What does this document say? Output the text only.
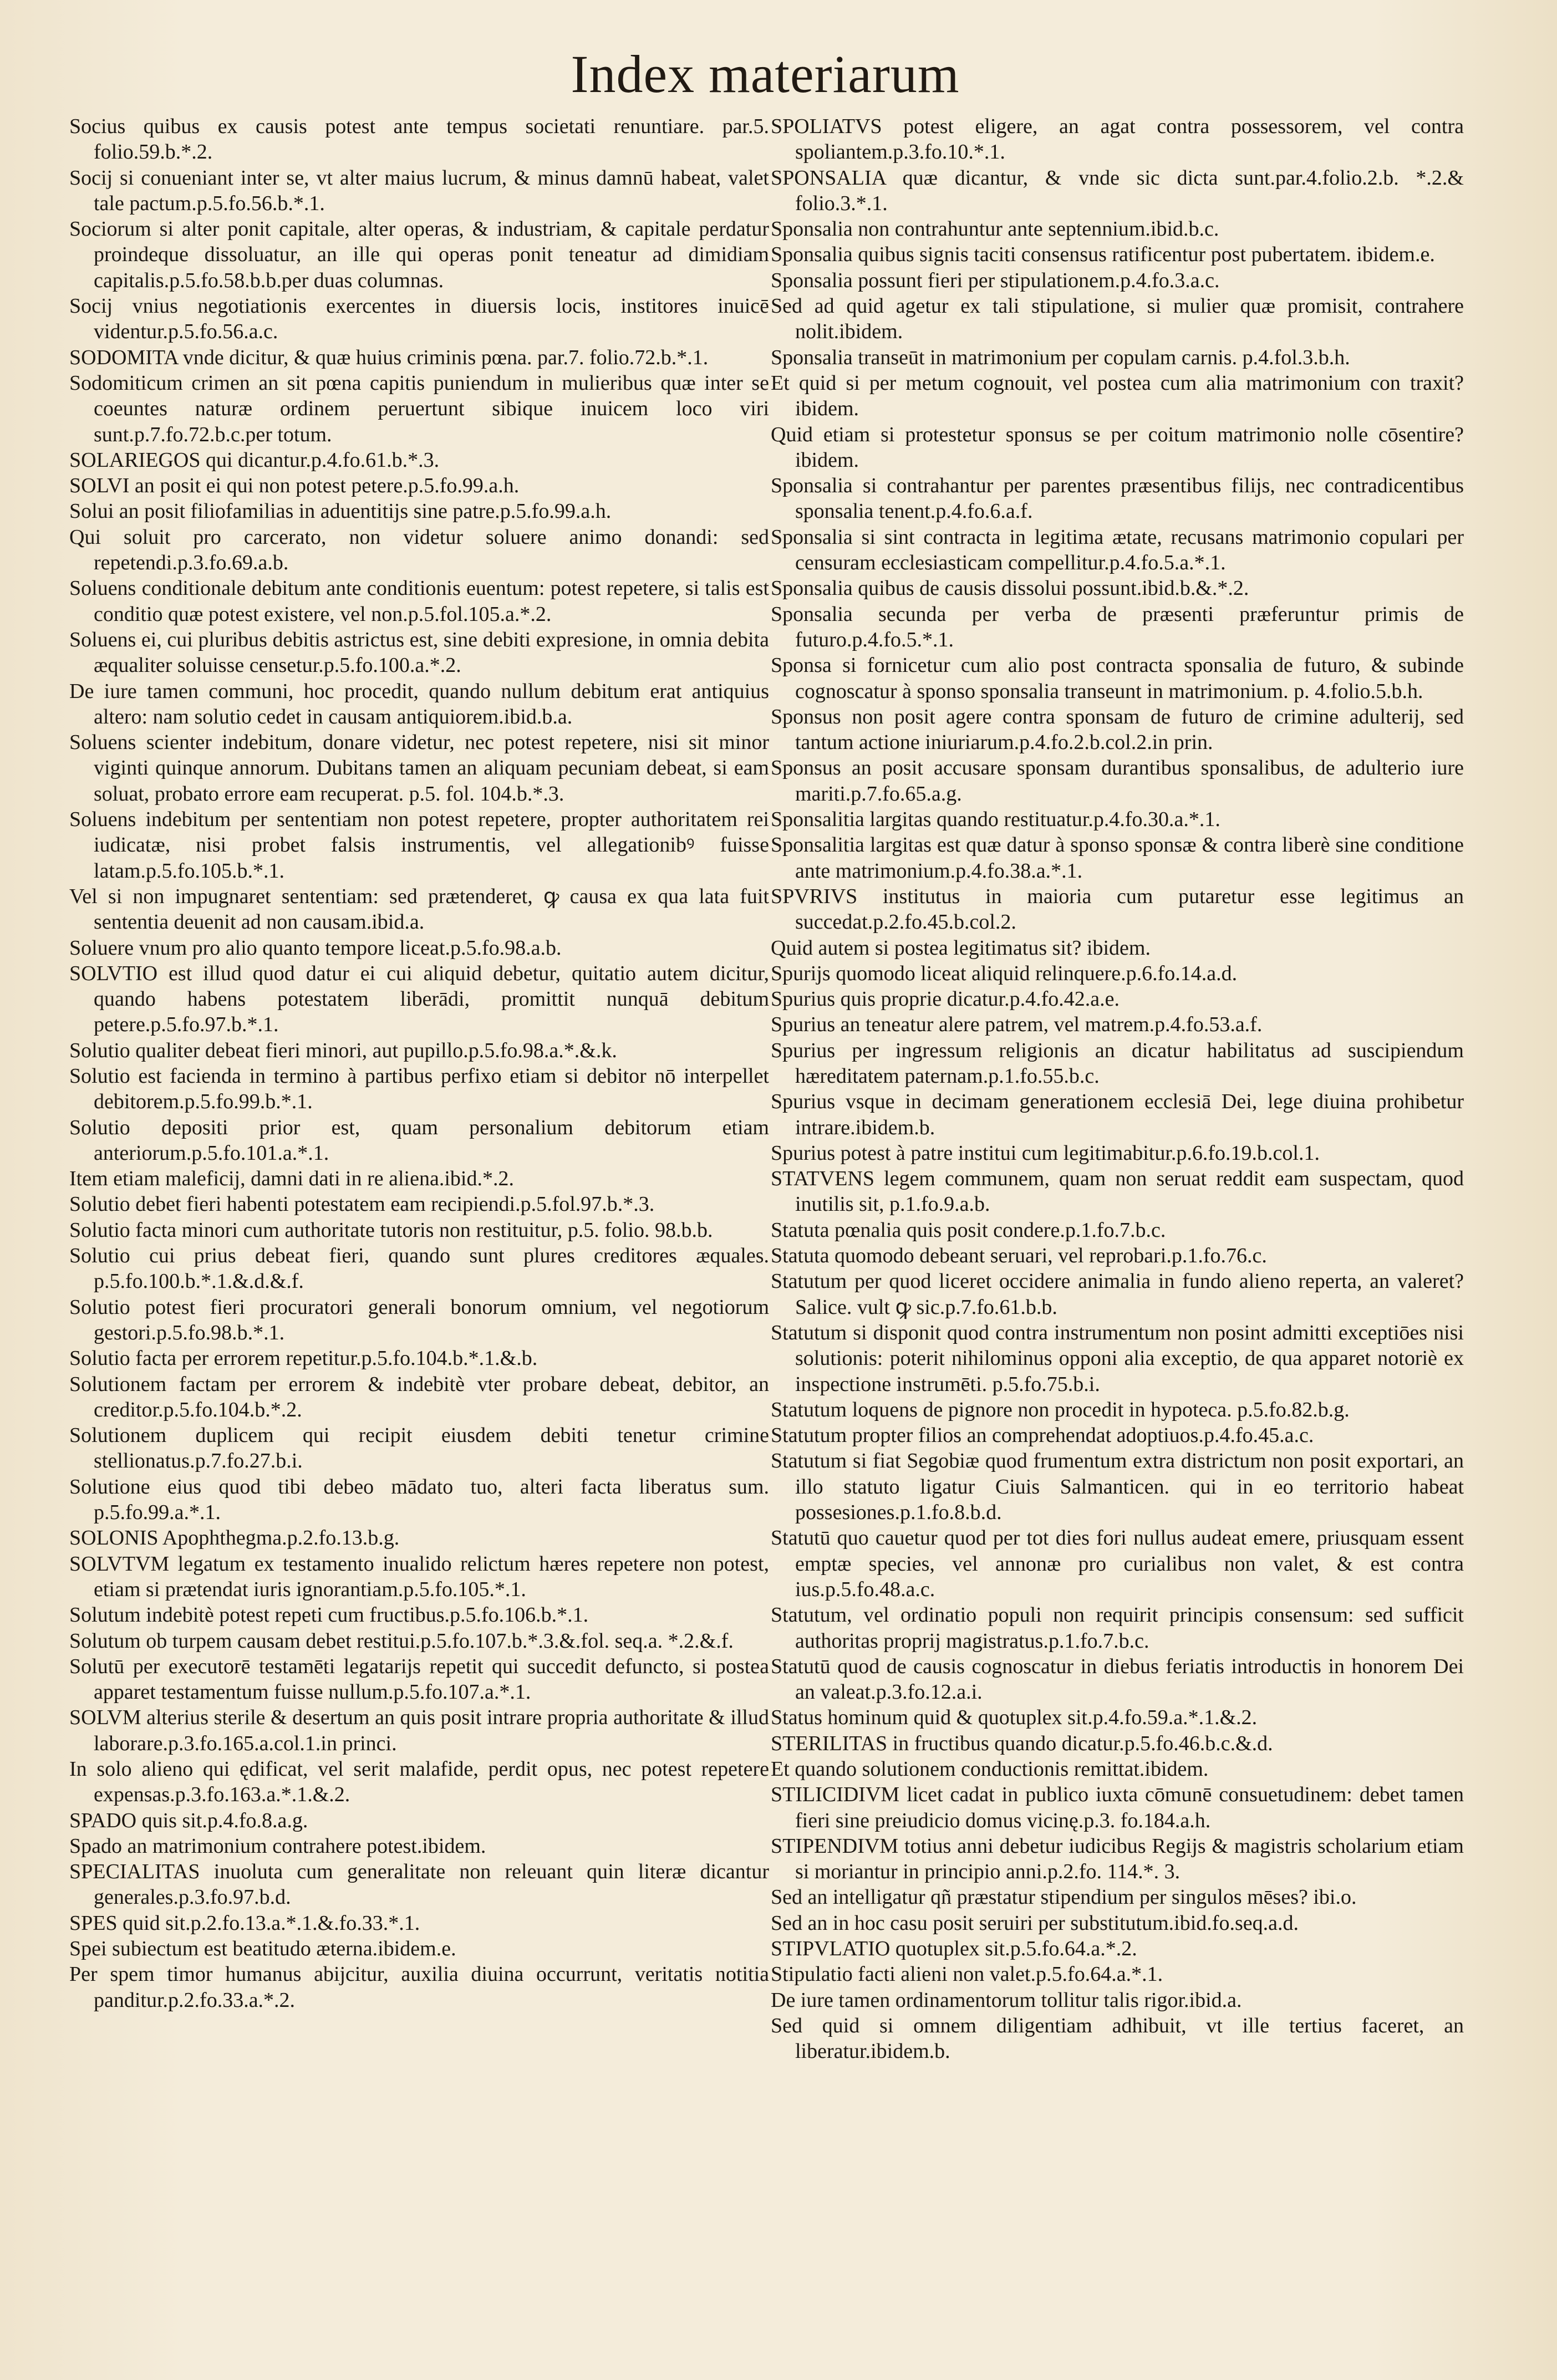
Index materiarum
Socius quibus ex causis potest ante tempus societati renuntiare. par.5. folio.59.b.*.2.
Socij si conueniant inter se, vt alter maius lucrum, & minus damnū habeat, valet tale pactum.p.5.fo.56.b.*.1.
Sociorum si alter ponit capitale, alter operas, & industriam, & capitale perdatur proindeque dissoluatur, an ille qui operas ponit teneatur ad dimidiam capitalis.p.5.fo.58.b.b.per duas columnas.
Socij vnius negotiationis exercentes in diuersis locis, institores inuicē videntur.p.5.fo.56.a.c.
SODOMITA vnde dicitur, & quæ huius criminis pœna. par.7. folio.72.b.*.1.
Sodomiticum crimen an sit pœna capitis puniendum in mulieribus quæ inter se coeuntes naturæ ordinem peruertunt sibique inuicem loco viri sunt.p.7.fo.72.b.c.per totum.
SOLARIEGOS qui dicantur.p.4.fo.61.b.*.3.
SOLVI an posit ei qui non potest petere.p.5.fo.99.a.h.
Solui an posit filiofamilias in aduentitijs sine patre.p.5.fo.99.a.h.
Qui soluit pro carcerato, non videtur soluere animo donandi: sed repetendi.p.3.fo.69.a.b.
Soluens conditionale debitum ante conditionis euentum: potest repetere, si talis est conditio quæ potest existere, vel non.p.5.fol.105.a.*.2.
Soluens ei, cui pluribus debitis astrictus est, sine debiti expresione, in omnia debita æqualiter soluisse censetur.p.5.fo.100.a.*.2.
De iure tamen communi, hoc procedit, quando nullum debitum erat antiquius altero: nam solutio cedet in causam antiquiorem.ibid.b.a.
Soluens scienter indebitum, donare videtur, nec potest repetere, nisi sit minor viginti quinque annorum. Dubitans tamen an aliquam pecuniam debeat, si eam soluat, probato errore eam recuperat. p.5. fol. 104.b.*.3.
Soluens indebitum per sententiam non potest repetere, propter authoritatem rei iudicatæ, nisi probet falsis instrumentis, vel allegationibꝰ fuisse latam.p.5.fo.105.b.*.1.
Vel si non impugnaret sententiam: sed prætenderet, ꝙ causa ex qua lata fuit sententia deuenit ad non causam.ibid.a.
Soluere vnum pro alio quanto tempore liceat.p.5.fo.98.a.b.
SOLVTIO est illud quod datur ei cui aliquid debetur, quitatio autem dicitur, quando habens potestatem liberādi, promittit nunquā debitum petere.p.5.fo.97.b.*.1.
Solutio qualiter debeat fieri minori, aut pupillo.p.5.fo.98.a.*.&.k.
Solutio est facienda in termino à partibus perfixo etiam si debitor nō interpellet debitorem.p.5.fo.99.b.*.1.
Solutio depositi prior est, quam personalium debitorum etiam anteriorum.p.5.fo.101.a.*.1.
Item etiam maleficij, damni dati in re aliena.ibid.*.2.
Solutio debet fieri habenti potestatem eam recipiendi.p.5.fol.97.b.*.3.
Solutio facta minori cum authoritate tutoris non restituitur, p.5. folio. 98.b.b.
Solutio cui prius debeat fieri, quando sunt plures creditores æquales. p.5.fo.100.b.*.1.&.d.&.f.
Solutio potest fieri procuratori generali bonorum omnium, vel negotiorum gestori.p.5.fo.98.b.*.1.
Solutio facta per errorem repetitur.p.5.fo.104.b.*.1.&.b.
Solutionem factam per errorem & indebitè vter probare debeat, debitor, an creditor.p.5.fo.104.b.*.2.
Solutionem duplicem qui recipit eiusdem debiti tenetur crimine stellionatus.p.7.fo.27.b.i.
Solutione eius quod tibi debeo mādato tuo, alteri facta liberatus sum. p.5.fo.99.a.*.1.
SOLONIS Apophthegma.p.2.fo.13.b.g.
SOLVTVM legatum ex testamento inualido relictum hæres repetere non potest, etiam si prætendat iuris ignorantiam.p.5.fo.105.*.1.
Solutum indebitè potest repeti cum fructibus.p.5.fo.106.b.*.1.
Solutum ob turpem causam debet restitui.p.5.fo.107.b.*.3.&.fol. seq.a. *.2.&.f.
Solutū per executorē testamēti legatarijs repetit qui succedit defuncto, si postea apparet testamentum fuisse nullum.p.5.fo.107.a.*.1.
SOLVM alterius sterile & desertum an quis posit intrare propria authoritate & illud laborare.p.3.fo.165.a.col.1.in princi.
In solo alieno qui ędificat, vel serit malafide, perdit opus, nec potest repetere expensas.p.3.fo.163.a.*.1.&.2.
SPADO quis sit.p.4.fo.8.a.g.
Spado an matrimonium contrahere potest.ibidem.
SPECIALITAS inuoluta cum generalitate non releuant quin literæ dicantur generales.p.3.fo.97.b.d.
SPES quid sit.p.2.fo.13.a.*.1.&.fo.33.*.1.
Spei subiectum est beatitudo æterna.ibidem.e.
Per spem timor humanus abijcitur, auxilia diuina occurrunt, veritatis notitia panditur.p.2.fo.33.a.*.2.
SPOLIATVS potest eligere, an agat contra possessorem, vel contra spoliantem.p.3.fo.10.*.1.
SPONSALIA quæ dicantur, & vnde sic dicta sunt.par.4.folio.2.b. *.2.& folio.3.*.1.
Sponsalia non contrahuntur ante septennium.ibid.b.c.
Sponsalia quibus signis taciti consensus ratificentur post pubertatem. ibidem.e.
Sponsalia possunt fieri per stipulationem.p.4.fo.3.a.c.
Sed ad quid agetur ex tali stipulatione, si mulier quæ promisit, contrahere nolit.ibidem.
Sponsalia transeūt in matrimonium per copulam carnis. p.4.fol.3.b.h.
Et quid si per metum cognouit, vel postea cum alia matrimonium con traxit? ibidem.
Quid etiam si protestetur sponsus se per coitum matrimonio nolle cōsentire? ibidem.
Sponsalia si contrahantur per parentes præsentibus filijs, nec contradicentibus sponsalia tenent.p.4.fo.6.a.f.
Sponsalia si sint contracta in legitima ætate, recusans matrimonio copulari per censuram ecclesiasticam compellitur.p.4.fo.5.a.*.1.
Sponsalia quibus de causis dissolui possunt.ibid.b.&.*.2.
Sponsalia secunda per verba de præsenti præferuntur primis de futuro.p.4.fo.5.*.1.
Sponsa si fornicetur cum alio post contracta sponsalia de futuro, & subinde cognoscatur à sponso sponsalia transeunt in matrimonium. p. 4.folio.5.b.h.
Sponsus non posit agere contra sponsam de futuro de crimine adulterij, sed tantum actione iniuriarum.p.4.fo.2.b.col.2.in prin.
Sponsus an posit accusare sponsam durantibus sponsalibus, de adulterio iure mariti.p.7.fo.65.a.g.
Sponsalitia largitas quando restituatur.p.4.fo.30.a.*.1.
Sponsalitia largitas est quæ datur à sponso sponsæ & contra liberè sine conditione ante matrimonium.p.4.fo.38.a.*.1.
SPVRIVS institutus in maioria cum putaretur esse legitimus an succedat.p.2.fo.45.b.col.2.
Quid autem si postea legitimatus sit? ibidem.
Spurijs quomodo liceat aliquid relinquere.p.6.fo.14.a.d.
Spurius quis proprie dicatur.p.4.fo.42.a.e.
Spurius an teneatur alere patrem, vel matrem.p.4.fo.53.a.f.
Spurius per ingressum religionis an dicatur habilitatus ad suscipiendum hæreditatem paternam.p.1.fo.55.b.c.
Spurius vsque in decimam generationem ecclesiā Dei, lege diuina prohibetur intrare.ibidem.b.
Spurius potest à patre institui cum legitimabitur.p.6.fo.19.b.col.1.
STATVENS legem communem, quam non seruat reddit eam suspectam, quod inutilis sit, p.1.fo.9.a.b.
Statuta pœnalia quis posit condere.p.1.fo.7.b.c.
Statuta quomodo debeant seruari, vel reprobari.p.1.fo.76.c.
Statutum per quod liceret occidere animalia in fundo alieno reperta, an valeret? Salice. vult ꝙ sic.p.7.fo.61.b.b.
Statutum si disponit quod contra instrumentum non posint admitti exceptiōes nisi solutionis: poterit nihilominus opponi alia exceptio, de qua apparet notoriè ex inspectione instrumēti. p.5.fo.75.b.i.
Statutum loquens de pignore non procedit in hypoteca. p.5.fo.82.b.g.
Statutum propter filios an comprehendat adoptiuos.p.4.fo.45.a.c.
Statutum si fiat Segobiæ quod frumentum extra districtum non posit exportari, an illo statuto ligatur Ciuis Salmanticen. qui in eo territorio habeat possesiones.p.1.fo.8.b.d.
Statutū quo cauetur quod per tot dies fori nullus audeat emere, priusquam essent emptæ species, vel annonæ pro curialibus non valet, & est contra ius.p.5.fo.48.a.c.
Statutum, vel ordinatio populi non requirit principis consensum: sed sufficit authoritas proprij magistratus.p.1.fo.7.b.c.
Statutū quod de causis cognoscatur in diebus feriatis introductis in honorem Dei an valeat.p.3.fo.12.a.i.
Status hominum quid & quotuplex sit.p.4.fo.59.a.*.1.&.2.
STERILITAS in fructibus quando dicatur.p.5.fo.46.b.c.&.d.
Et quando solutionem conductionis remittat.ibidem.
STILICIDIVM licet cadat in publico iuxta cōmunē consuetudinem: debet tamen fieri sine preiudicio domus vicinę.p.3. fo.184.a.h.
STIPENDIVM totius anni debetur iudicibus Regijs & magistris scholarium etiam si moriantur in principio anni.p.2.fo. 114.*. 3.
Sed an intelligatur qñ præstatur stipendium per singulos mēses? ibi.o.
Sed an in hoc casu posit seruiri per substitutum.ibid.fo.seq.a.d.
STIPVLATIO quotuplex sit.p.5.fo.64.a.*.2.
Stipulatio facti alieni non valet.p.5.fo.64.a.*.1.
De iure tamen ordinamentorum tollitur talis rigor.ibid.a.
Sed quid si omnem diligentiam adhibuit, vt ille tertius faceret, an liberatur.ibidem.b.
